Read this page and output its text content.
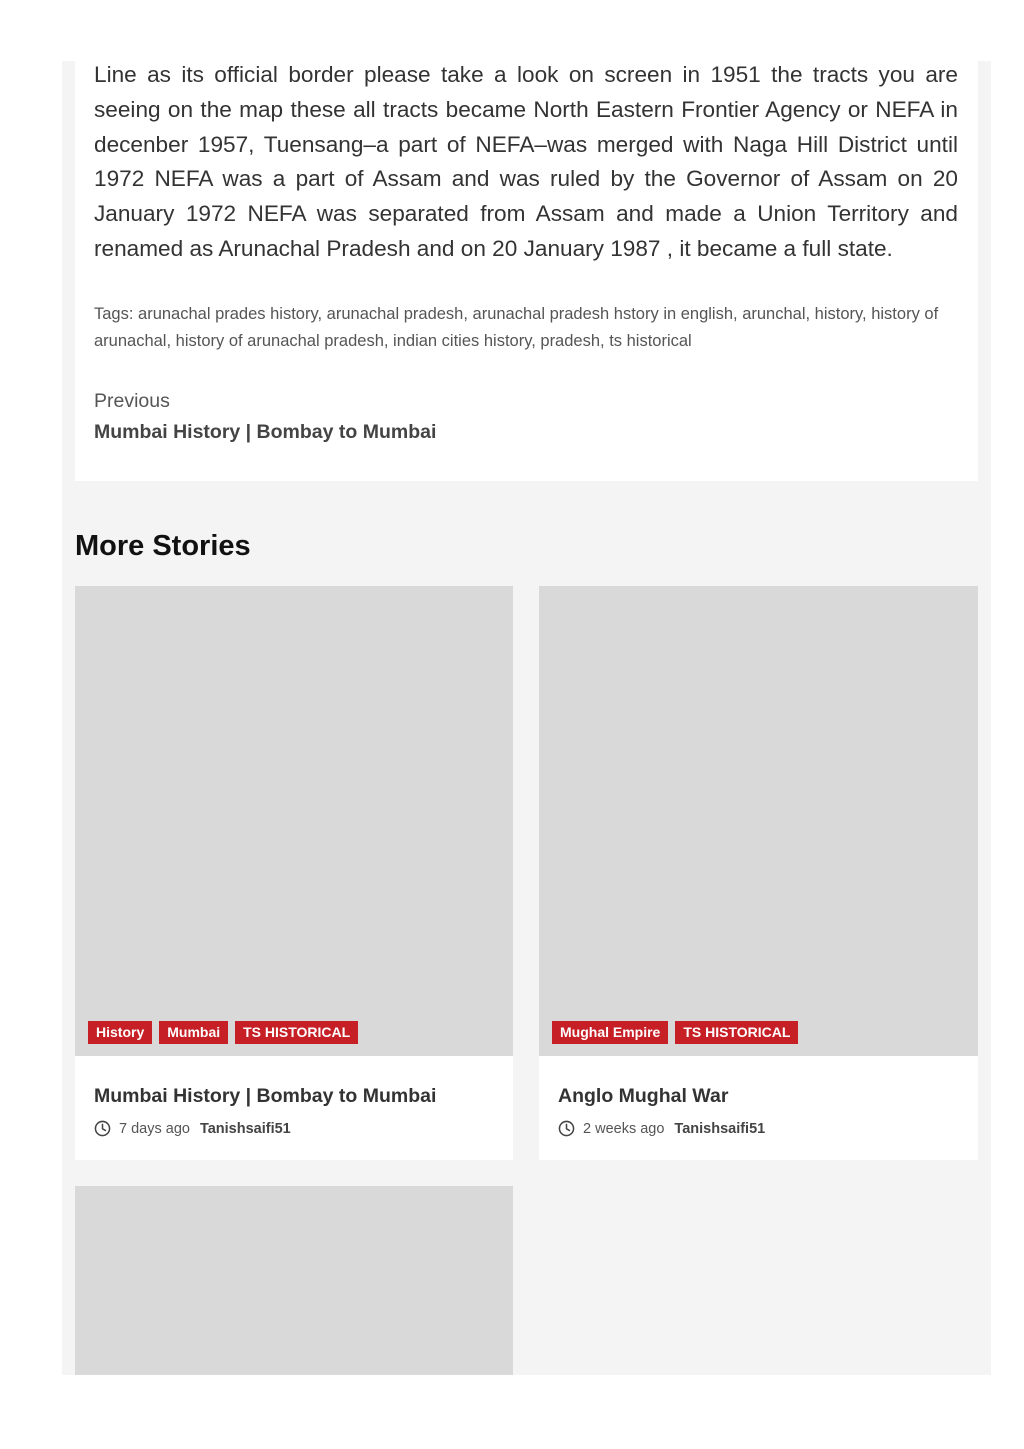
Line as its official border please take a look on screen in 1951 the tracts you are seeing on the map these all tracts became North Eastern Frontier Agency or NEFA in decenber 1957, Tuensang–a part of NEFA–was merged with Naga Hill District until 1972 NEFA was a part of Assam and was ruled by the Governor of Assam on 20 January 1972 NEFA was separated from Assam and made a Union Territory and renamed as Arunachal Pradesh and on 20 January 1987 , it became a full state.

Tags: arunachal prades history, arunachal pradesh, arunachal pradesh hstory in english, arunchal, history, history of arunachal, history of arunachal pradesh, indian cities history, pradesh, ts historical

Previous
Mumbai History | Bombay to Mumbai
More Stories
History	Mumbai	TS HISTORICAL
Mumbai History | Bombay to Mumbai
7 days ago Tanishsaifi51
Mughal Empire	TS HISTORICAL
Anglo Mughal War
2 weeks ago Tanishsaifi51
